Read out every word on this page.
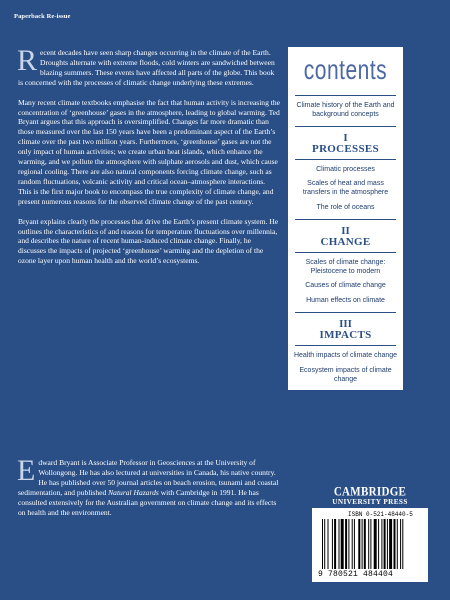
Paperback Re-issue

Recent decades have seen sharp changes occurring in the climate of the Earth. Droughts alternate with extreme floods, cold winters are sandwiched between blazing summers. These events have affected all parts of the globe. This book is concerned with the processes of climatic change underlying these extremes.

Many recent climate textbooks emphasise the fact that human activity is increasing the concentration of ‘greenhouse’ gases in the atmosphere, leading to global warming. Ted Bryant argues that this approach is oversimplified. Changes far more dramatic than those measured over the last 150 years have been a predominant aspect of the Earth’s climate over the past two million years. Furthermore, ‘greenhouse’ gases are not the only impact of human activities; we create urban heat islands, which enhance the warming, and we pollute the atmosphere with sulphate aerosols and dust, which cause regional cooling. There are also natural components forcing climate change, such as random fluctuations, volcanic activity and critical ocean–atmosphere interactions. This is the first major book to encompass the true complexity of climate change, and present numerous reasons for the observed climate change of the past century.

Bryant explains clearly the processes that drive the Earth’s present climate system. He outlines the characteristics of and reasons for temperature fluctuations over millennia, and describes the nature of recent human-induced climate change. Finally, he discusses the impacts of projected ‘greenhouse’ warming and the depletion of the ozone layer upon human health and the world’s ecosystems.

Edward Bryant is Associate Professor in Geosciences at the University of Wollongong. He has also lectured at universities in Canada, his native country. He has published over 50 journal articles on beach erosion, tsunami and coastal sedimentation, and published Natural Hazards with Cambridge in 1991. He has consulted extensively for the Australian government on climate change and its effects on health and the environment.

contents
Climate history of the Earth and background concepts
I
PROCESSES
Climatic processes
Scales of heat and mass transfers in the atmosphere
The role of oceans
II
CHANGE
Scales of climate change: Pleistocene to modern
Causes of climate change
Human effects on climate
III
IMPACTS
Health impacts of climate change
Ecosystem impacts of climate change
CAMBRIDGE
UNIVERSITY PRESS
ISBN 0-521-48440-5
9 780521 484404
